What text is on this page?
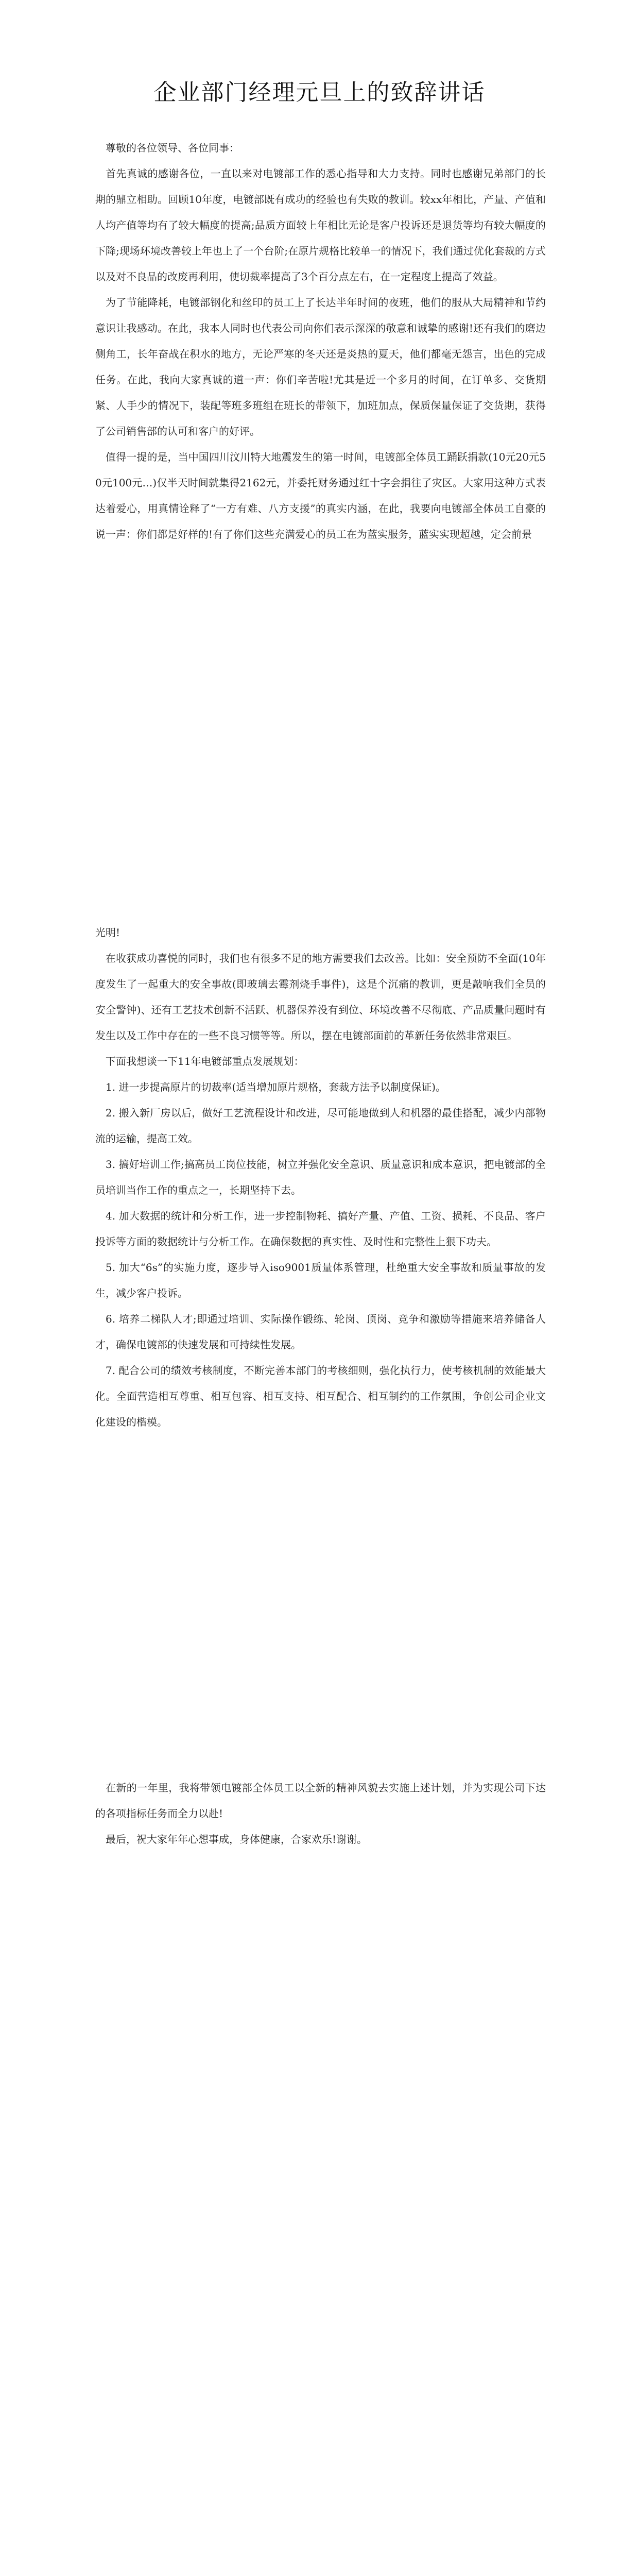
企业部门经理元旦上的致辞讲话

尊敬的各位领导、各位同事：

首先真诚的感谢各位，一直以来对电镀部工作的悉心指导和大力支持。同时也感谢兄弟部门的长期的鼎立相助。回顾10年度，电镀部既有成功的经验也有失败的教训。较xx年相比，产量、产值和人均产值等均有了较大幅度的提高;品质方面较上年相比无论是客户投诉还是退货等均有较大幅度的下降;现场环境改善较上年也上了一个台阶;在原片规格比较单一的情况下，我们通过优化套裁的方式以及对不良品的改废再利用，使切裁率提高了3个百分点左右，在一定程度上提高了效益。

为了节能降耗，电镀部钢化和丝印的员工上了长达半年时间的夜班，他们的服从大局精神和节约意识让我感动。在此，我本人同时也代表公司向你们表示深深的敬意和诚挚的感谢!还有我们的磨边侧角工，长年奋战在积水的地方，无论严寒的冬天还是炎热的夏天，他们都毫无怨言，出色的完成任务。在此，我向大家真诚的道一声：你们辛苦啦!尤其是近一个多月的时间，在订单多、交货期紧、人手少的情况下，装配等班多班组在班长的带领下，加班加点，保质保量保证了交货期，获得了公司销售部的认可和客户的好评。

值得一提的是，当中国四川汶川特大地震发生的第一时间，电镀部全体员工踊跃捐款(10元20元50元100元…)仅半天时间就集得2162元，并委托财务通过红十字会捐往了灾区。大家用这种方式表达着爱心，用真情诠释了“一方有难、八方支援”的真实内涵，在此，我要向电镀部全体员工自豪的说一声：你们都是好样的!有了你们这些充满爱心的员工在为蓝实服务，蓝实实现超越，定会前景

光明!

在收获成功喜悦的同时，我们也有很多不足的地方需要我们去改善。比如：安全预防不全面(10年度发生了一起重大的安全事故(即玻璃去霉剂烧手事件)，这是个沉痛的教训，更是敲响我们全员的安全警钟)、还有工艺技术创新不活跃、机器保养没有到位、环境改善不尽彻底、产品质量问题时有发生以及工作中存在的一些不良习惯等等。所以，摆在电镀部面前的革新任务依然非常艰巨。

下面我想谈一下11年电镀部重点发展规划：

1. 进一步提高原片的切裁率(适当增加原片规格，套裁方法予以制度保证)。

2. 搬入新厂房以后，做好工艺流程设计和改进，尽可能地做到人和机器的最佳搭配，减少内部物流的运输，提高工效。

3. 搞好培训工作;搞高员工岗位技能，树立并强化安全意识、质量意识和成本意识，把电镀部的全员培训当作工作的重点之一，长期坚持下去。

4. 加大数据的统计和分析工作，进一步控制物耗、搞好产量、产值、工资、损耗、不良品、客户投诉等方面的数据统计与分析工作。在确保数据的真实性、及时性和完整性上狠下功夫。

5. 加大“6s”的实施力度，逐步导入iso9001质量体系管理，杜绝重大安全事故和质量事故的发生，减少客户投诉。

6. 培养二梯队人才;即通过培训、实际操作锻练、轮岗、顶岗、竞争和激励等措施来培养储备人才，确保电镀部的快速发展和可持续性发展。

7. 配合公司的绩效考核制度，不断完善本部门的考核细则，强化执行力，使考核机制的效能最大化。全面营造相互尊重、相互包容、相互支持、相互配合、相互制约的工作氛围，争创公司企业文化建设的楷模。

在新的一年里，我将带领电镀部全体员工以全新的精神风貌去实施上述计划，并为实现公司下达的各项指标任务而全力以赴!

最后，祝大家年年心想事成，身体健康，合家欢乐!谢谢。
